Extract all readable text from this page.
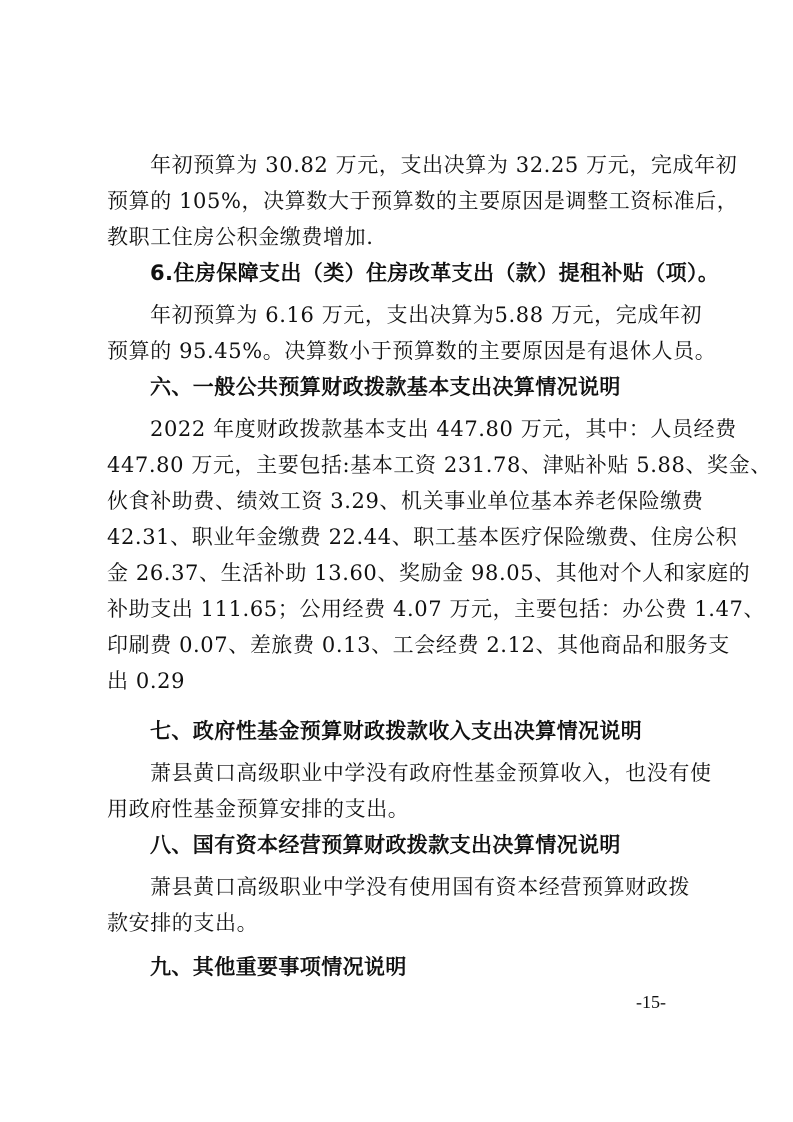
年初预算为 30.82 万元，支出决算为 32.25 万元，完成年初
预算的 105%，决算数大于预算数的主要原因是调整工资标准后，
教职工住房公积金缴费增加.
6.住房保障支出（类）住房改革支出（款）提租补贴（项）。
年初预算为 6.16 万元，支出决算为5.88 万元，完成年初
预算的 95.45%。决算数小于预算数的主要原因是有退休人员。
六、一般公共预算财政拨款基本支出决算情况说明
2022 年度财政拨款基本支出 447.80 万元，其中：人员经费
447.80 万元，主要包括:基本工资 231.78、津贴补贴 5.88、奖金、
伙食补助费、绩效工资 3.29、机关事业单位基本养老保险缴费
42.31、职业年金缴费 22.44、职工基本医疗保险缴费、住房公积
金 26.37、生活补助 13.60、奖励金 98.05、其他对个人和家庭的
补助支出 111.65；公用经费 4.07 万元，主要包括：办公费 1.47、
印刷费 0.07、差旅费 0.13、工会经费 2.12、其他商品和服务支
出 0.29
七、政府性基金预算财政拨款收入支出决算情况说明
萧县黄口高级职业中学没有政府性基金预算收入，也没有使
用政府性基金预算安排的支出。
八、国有资本经营预算财政拨款支出决算情况说明
萧县黄口高级职业中学没有使用国有资本经营预算财政拨
款安排的支出。
九、其他重要事项情况说明
-15-
